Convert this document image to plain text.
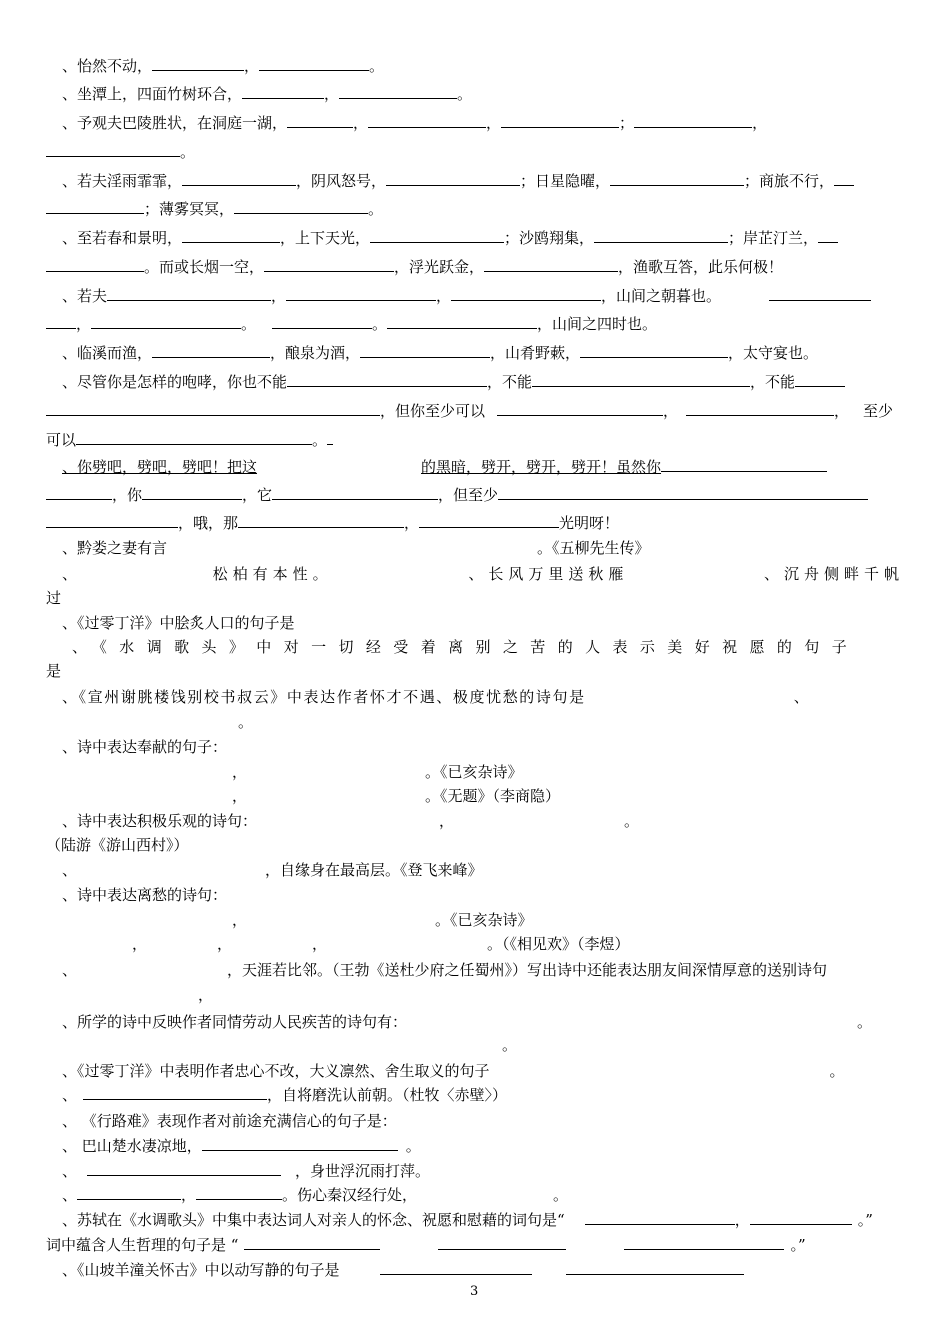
、怡然不动，	，	。
、坐潭上，四面竹树环合，	，	。
、予观夫巴陵胜状，在洞庭一湖，	，	，	；	，
。
、若夫淫雨霏霏，	，阴风怒号，	；日星隐曜，	；商旅不行，
；薄雾冥冥，	。
、至若春和景明，	，上下天光，	；沙鸥翔集，	；岸芷汀兰，
。而或长烟一空，	，浮光跃金，	，渔歌互答，此乐何极！
、若夫	，	，	，山间之朝暮也。
，	。	。	，山间之四时也。
、临溪而渔，	，酿泉为酒，	，山肴野蔌，	，太守宴也。
、尽管你是怎样的咆哮，你也不能	，不能	，不能
，但你至少可以	，	， 至少
可以	。
、你劈吧，劈吧，劈吧！把这	的黑暗，劈开，劈开，劈开！虽然你
，你	，它	，但至少
，哦，那	，	光明呀！
、黔娄之妻有言	。《五柳先生传》
、	松柏有本性。	、长风万里送秋雁	、沉舟侧畔千帆
过
、《过零丁洋》中脍炙人口的句子是
、《水调歌头》中对一切经受着离别之苦的人表示美好祝愿的句子
是
、《宣州谢朓楼饯别校书叔云》中表达作者怀才不遇、极度忧愁的诗句是	、
。
、诗中表达奉献的句子：
，	。《已亥杂诗》
，	。《无题》（李商隐）
、诗中表达积极乐观的诗句：	，	。
（陆游《游山西村》）
、	，自缘身在最高层。《登飞来峰》
、诗中表达离愁的诗句：
，	。《已亥杂诗》
，	，	，	。（《相见欢》（李煜）
、	，天涯若比邻。（王勃《送杜少府之任蜀州》）写出诗中还能表达朋友间深情厚意的送别诗句
，
、所学的诗中反映作者同情劳动人民疾苦的诗句有：	。
。
、《过零丁洋》中表明作者忠心不改，大义凛然、舍生取义的句子	。
、	，自将磨洗认前朝。（杜牧〈赤壁〉）
、 《行路难》表现作者对前途充满信心的句子是：
、 巴山楚水凄凉地，	。
、	，身世浮沉雨打萍。
、	，	。伤心秦汉经行处，	。
、苏轼在《水调歌头》中集中表达词人对亲人的怀念、祝愿和慰藉的词句是“	，	。”
词中蕴含人生哲理的句子是 “	。”
、《山坡羊潼关怀古》中以动写静的句子是
3
